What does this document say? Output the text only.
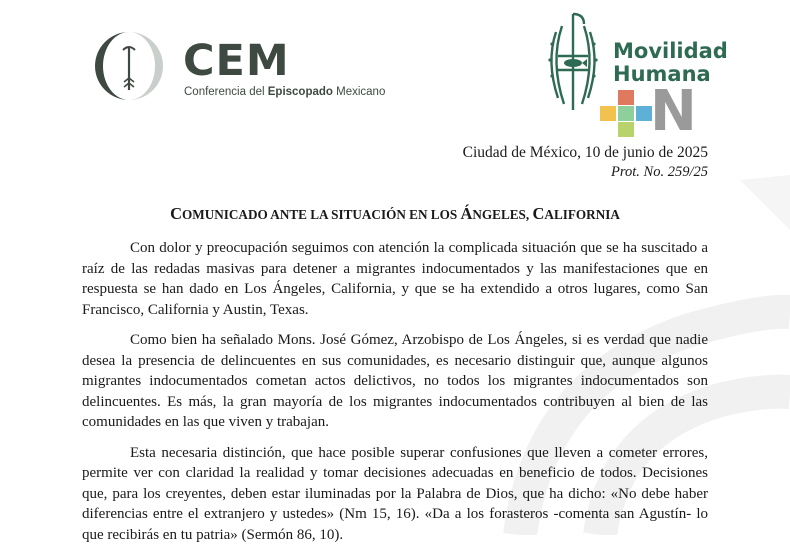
CEM
Conferencia del Episcopado Mexicano
Movilidad
Humana
N
Ciudad de México, 10 de junio de 2025
Prot. No. 259/25
COMUNICADO ANTE LA SITUACIÓN EN LOS ÁNGELES, CALIFORNIA

Con dolor y preocupación seguimos con atención la complicada situación que se ha suscitado a raíz de las redadas masivas para detener a migrantes indocumentados y las manifestaciones que en respuesta se han dado en Los Ángeles, California, y que se ha extendido a otros lugares, como San Francisco, California y Austin, Texas.

Como bien ha señalado Mons. José Gómez, Arzobispo de Los Ángeles, si es verdad que nadie desea la presencia de delincuentes en sus comunidades, es necesario distinguir que, aunque algunos migrantes indocumentados cometan actos delictivos, no todos los migrantes indocumentados son delincuentes. Es más, la gran mayoría de los migrantes indocumentados contribuyen al bien de las comunidades en las que viven y trabajan.

Esta necesaria distinción, que hace posible superar confusiones que lleven a cometer errores, permite ver con claridad la realidad y tomar decisiones adecuadas en beneficio de todos. Decisiones que, para los creyentes, deben estar iluminadas por la Palabra de Dios, que ha dicho: «No debe haber diferencias entre el extranjero y ustedes» (Nm 15, 16). «Da a los forasteros -comenta san Agustín- lo que recibirás en tu patria» (Sermón 86, 10).
